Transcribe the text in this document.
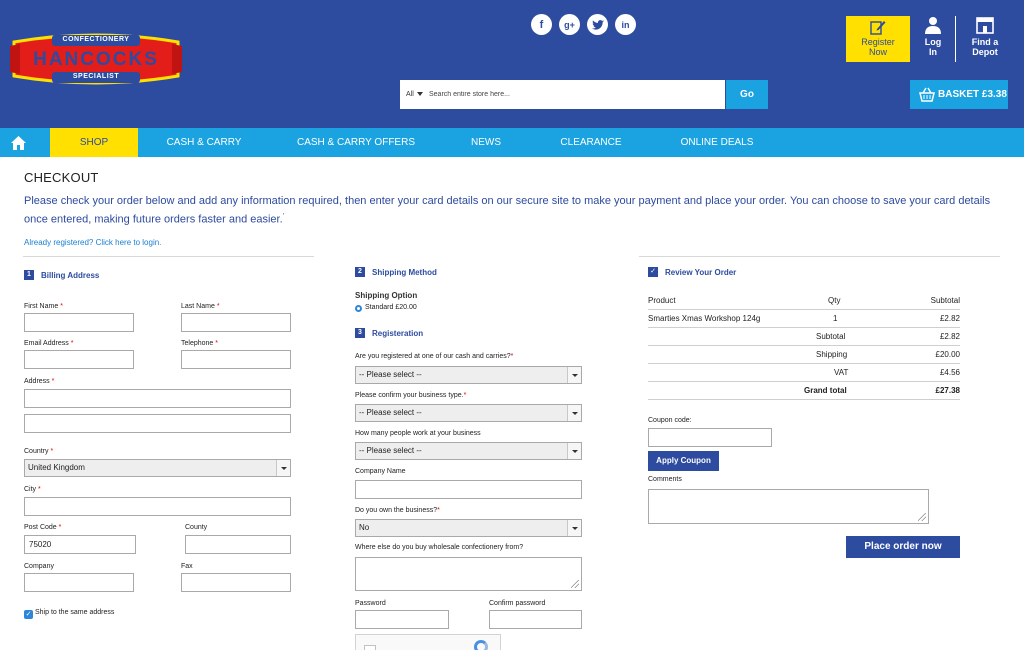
CONFECTIONERY
HANCOCKS
SPECIALIST
f	g+	in
All
Search entire store here...	Go
Register
Now
Log
In
Find a
Depot
BASKET £3.38
SHOP	CASH & CARRY	CASH & CARRY OFFERS	NEWS	CLEARANCE	ONLINE DEALS
CHECKOUT
Please check your order below and add any information required, then enter your card details on our secure site to make your payment and place your order. You can choose to save your card details once entered, making future orders faster and easier.'
Already registered? Click here to login.
1	Billing Address
First Name *	Last Name *
Email Address *	Telephone *
Address *
Country *
United Kingdom
City *
Post Code *
75020	County
Company	Fax
✓ Ship to the same address
2	Shipping Method
Shipping Option
Standard £20.00
3	Registeration
Are you registered at one of our cash and carries?*
-- Please select --
Please confirm your business type.*
-- Please select --
How many people work at your business
-- Please select --
Company Name
Do you own the business?*
No
Where else do you buy wholesale confectionery from?
Password	Confirm password
✓ Review Your Order
Product	Qty	Subtotal
Smarties Xmas Workshop 124g	1	£2.82
Subtotal	£2.82
Shipping	£20.00
VAT	£4.56
Grand total	£27.38
Coupon code:
Apply Coupon
Comments
Place order now
